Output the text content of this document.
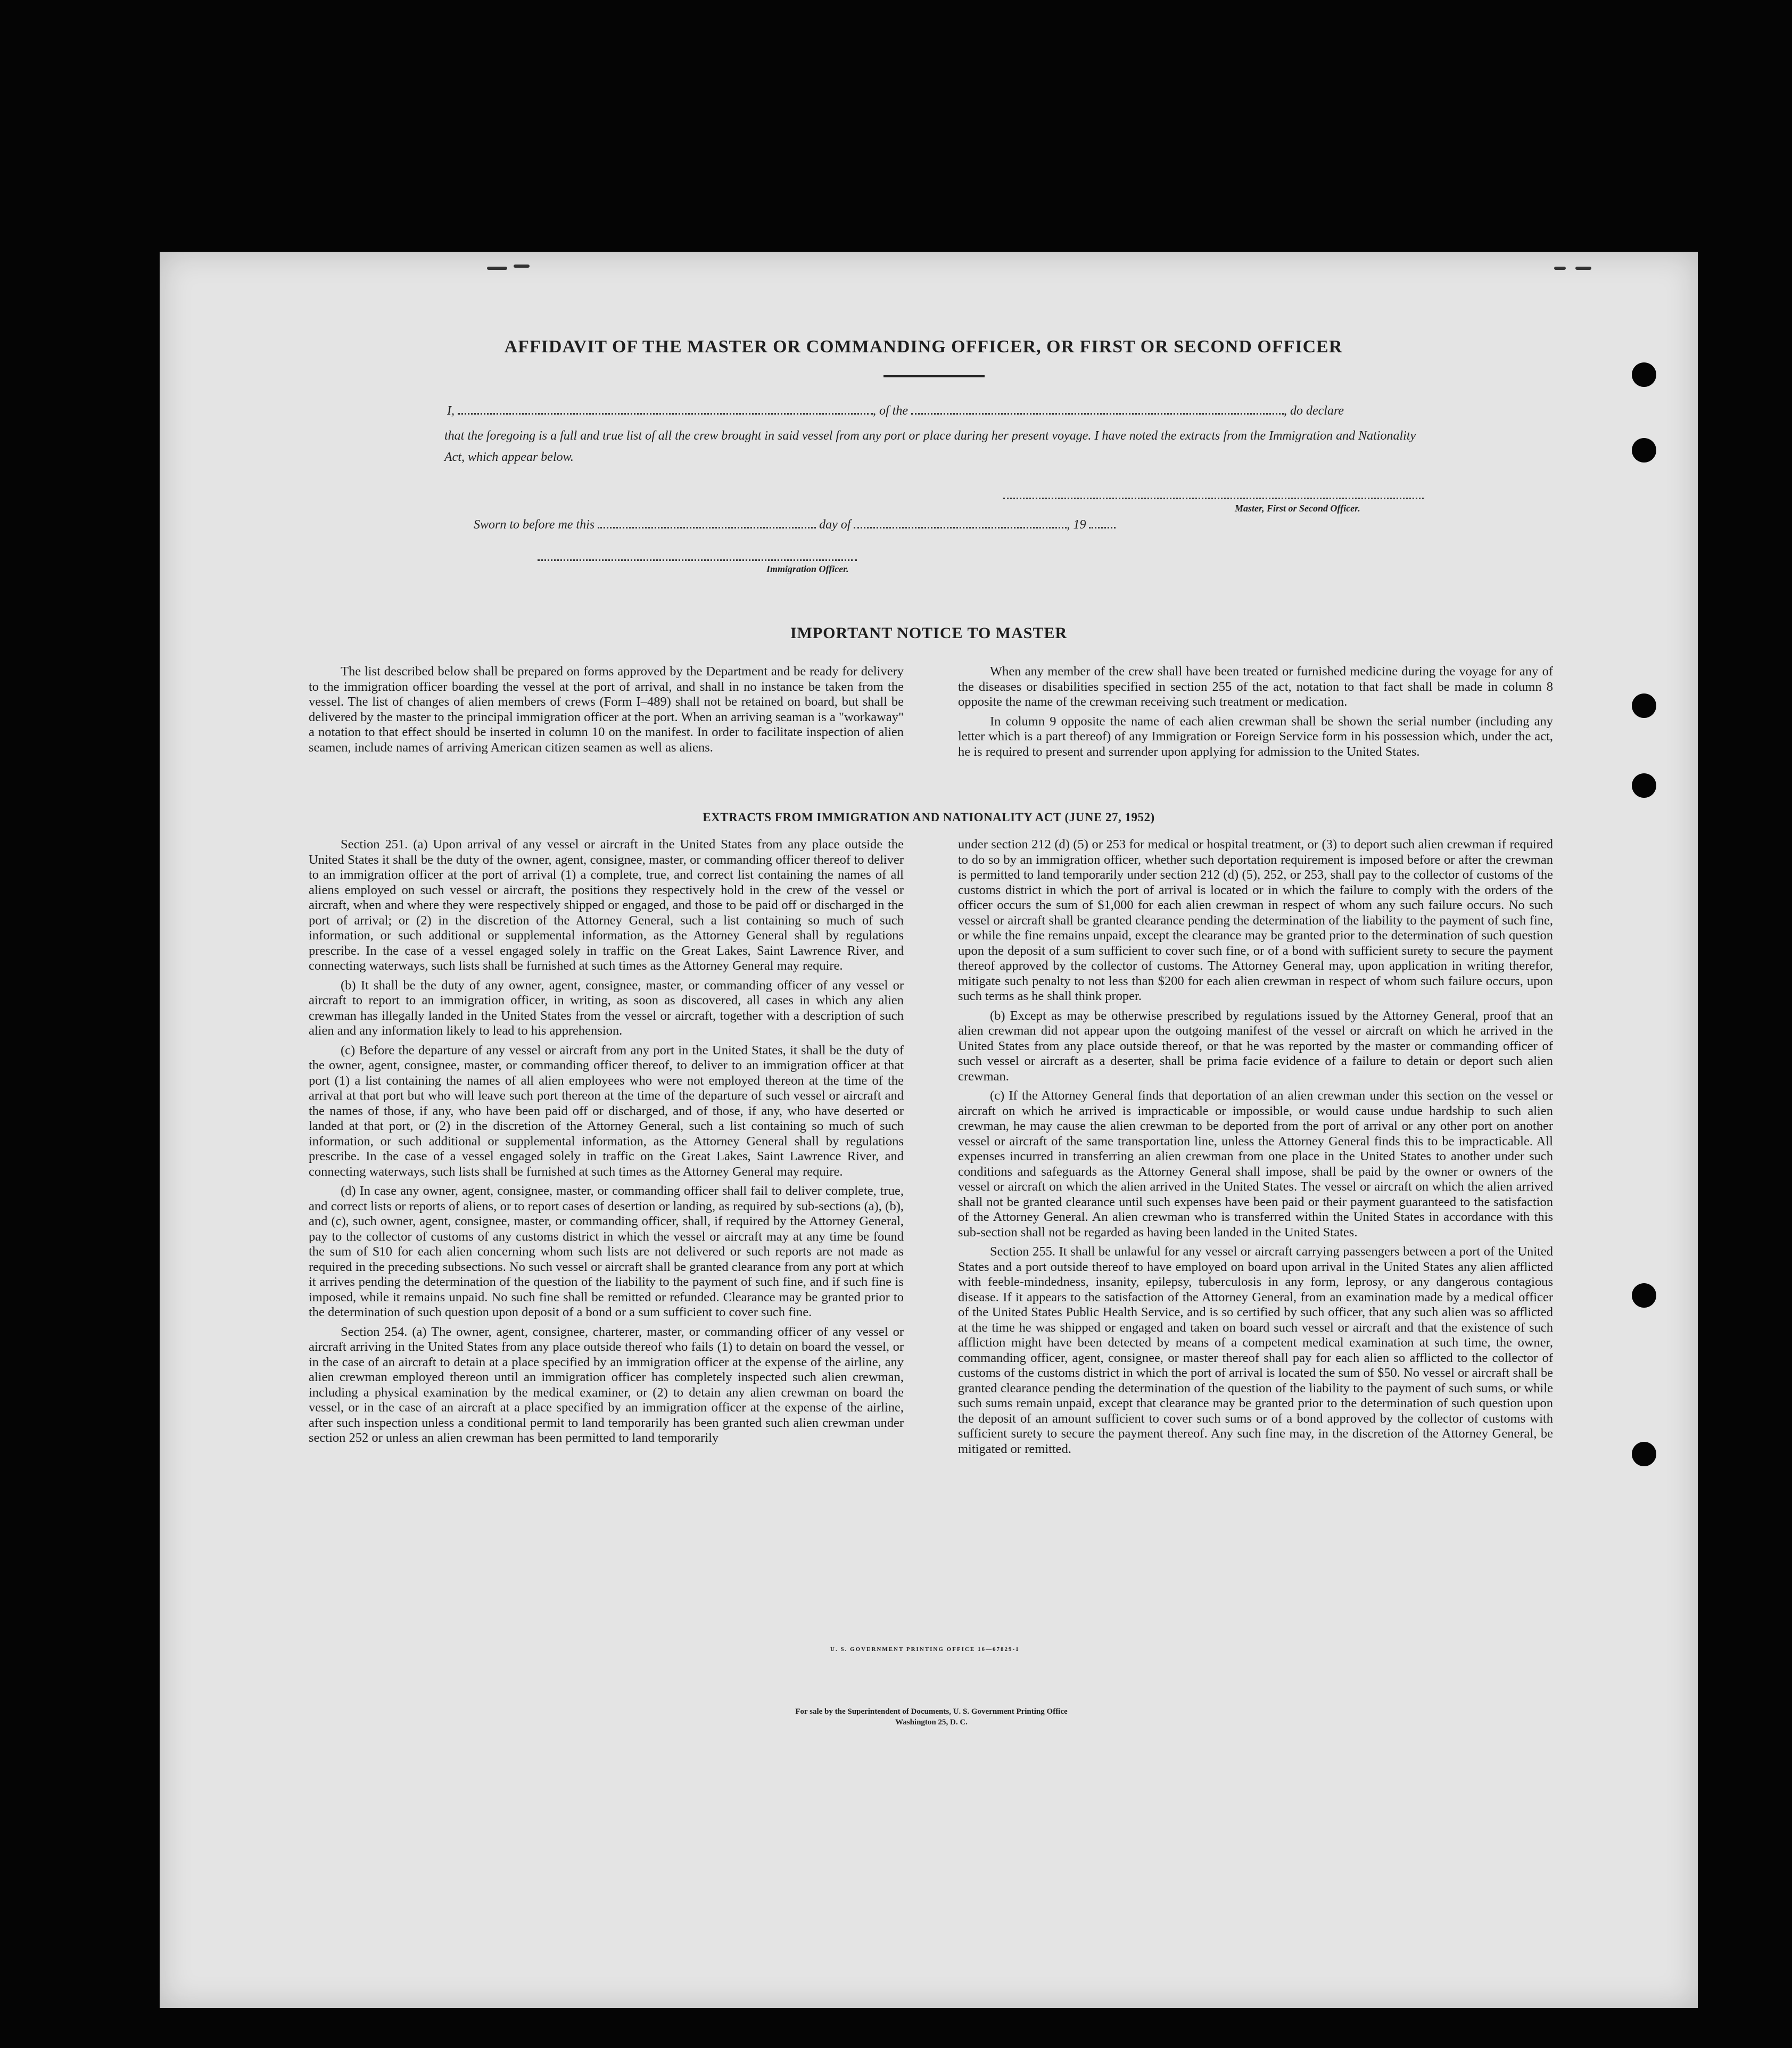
AFFIDAVIT OF THE MASTER OR COMMANDING OFFICER, OR FIRST OR SECOND OFFICER
I,	, of the	, do declare
that the foregoing is a full and true list of all the crew brought in said vessel from any port or place during her present voyage. I have noted the extracts from the Immigration and Nationality Act, which appear below.
Master, First or Second Officer.
Sworn to before me this	day of	, 19
Immigration Officer.
IMPORTANT NOTICE TO MASTER

The list described below shall be prepared on forms approved by the Department and be ready for delivery to the immigration officer boarding the vessel at the port of arrival, and shall in no instance be taken from the vessel. The list of changes of alien members of crews (Form I–489) shall not be retained on board, but shall be delivered by the master to the principal immigration officer at the port. When an arriving seaman is a "workaway" a notation to that effect should be inserted in column 10 on the manifest. In order to facilitate inspection of alien seamen, include names of arriving American citizen seamen as well as aliens.

When any member of the crew shall have been treated or furnished medicine during the voyage for any of the diseases or disabilities specified in section 255 of the act, notation to that fact shall be made in column 8 opposite the name of the crewman receiving such treatment or medication.

In column 9 opposite the name of each alien crewman shall be shown the serial number (including any letter which is a part thereof) of any Immigration or Foreign Service form in his possession which, under the act, he is required to present and surrender upon applying for admission to the United States.

EXTRACTS FROM IMMIGRATION AND NATIONALITY ACT (JUNE 27, 1952)

Section 251. (a) Upon arrival of any vessel or aircraft in the United States from any place outside the United States it shall be the duty of the owner, agent, consignee, master, or commanding officer thereof to deliver to an immigration officer at the port of arrival (1) a complete, true, and correct list containing the names of all aliens employed on such vessel or aircraft, the positions they respectively hold in the crew of the vessel or aircraft, when and where they were respectively shipped or engaged, and those to be paid off or discharged in the port of arrival; or (2) in the discretion of the Attorney General, such a list containing so much of such information, or such additional or supplemental information, as the Attorney General shall by regulations prescribe. In the case of a vessel engaged solely in traffic on the Great Lakes, Saint Lawrence River, and connecting waterways, such lists shall be furnished at such times as the Attorney General may require.

(b) It shall be the duty of any owner, agent, consignee, master, or commanding officer of any vessel or aircraft to report to an immigration officer, in writing, as soon as discovered, all cases in which any alien crewman has illegally landed in the United States from the vessel or aircraft, together with a description of such alien and any information likely to lead to his apprehension.

(c) Before the departure of any vessel or aircraft from any port in the United States, it shall be the duty of the owner, agent, consignee, master, or commanding officer thereof, to deliver to an immigration officer at that port (1) a list containing the names of all alien employees who were not employed thereon at the time of the arrival at that port but who will leave such port thereon at the time of the departure of such vessel or aircraft and the names of those, if any, who have been paid off or discharged, and of those, if any, who have deserted or landed at that port, or (2) in the discretion of the Attorney General, such a list containing so much of such information, or such additional or supplemental information, as the Attorney General shall by regulations prescribe. In the case of a vessel engaged solely in traffic on the Great Lakes, Saint Lawrence River, and connecting waterways, such lists shall be furnished at such times as the Attorney General may require.

(d) In case any owner, agent, consignee, master, or commanding officer shall fail to deliver complete, true, and correct lists or reports of aliens, or to report cases of desertion or landing, as required by sub-sections (a), (b), and (c), such owner, agent, consignee, master, or commanding officer, shall, if required by the Attorney General, pay to the collector of customs of any customs district in which the vessel or aircraft may at any time be found the sum of $10 for each alien concerning whom such lists are not delivered or such reports are not made as required in the preceding subsections. No such vessel or aircraft shall be granted clearance from any port at which it arrives pending the determination of the question of the liability to the payment of such fine, and if such fine is imposed, while it remains unpaid. No such fine shall be remitted or refunded. Clearance may be granted prior to the determination of such question upon deposit of a bond or a sum sufficient to cover such fine.

Section 254. (a) The owner, agent, consignee, charterer, master, or commanding officer of any vessel or aircraft arriving in the United States from any place outside thereof who fails (1) to detain on board the vessel, or in the case of an aircraft to detain at a place specified by an immigration officer at the expense of the airline, any alien crewman employed thereon until an immigration officer has completely inspected such alien crewman, including a physical examination by the medical examiner, or (2) to detain any alien crewman on board the vessel, or in the case of an aircraft at a place specified by an immigration officer at the expense of the airline, after such inspection unless a conditional permit to land temporarily has been granted such alien crewman under section 252 or unless an alien crewman has been permitted to land temporarily

under section 212 (d) (5) or 253 for medical or hospital treatment, or (3) to deport such alien crewman if required to do so by an immigration officer, whether such deportation requirement is imposed before or after the crewman is permitted to land temporarily under section 212 (d) (5), 252, or 253, shall pay to the collector of customs of the customs district in which the port of arrival is located or in which the failure to comply with the orders of the officer occurs the sum of $1,000 for each alien crewman in respect of whom any such failure occurs. No such vessel or aircraft shall be granted clearance pending the determination of the liability to the payment of such fine, or while the fine remains unpaid, except the clearance may be granted prior to the determination of such question upon the deposit of a sum sufficient to cover such fine, or of a bond with sufficient surety to secure the payment thereof approved by the collector of customs. The Attorney General may, upon application in writing therefor, mitigate such penalty to not less than $200 for each alien crewman in respect of whom such failure occurs, upon such terms as he shall think proper.

(b) Except as may be otherwise prescribed by regulations issued by the Attorney General, proof that an alien crewman did not appear upon the outgoing manifest of the vessel or aircraft on which he arrived in the United States from any place outside thereof, or that he was reported by the master or commanding officer of such vessel or aircraft as a deserter, shall be prima facie evidence of a failure to detain or deport such alien crewman.

(c) If the Attorney General finds that deportation of an alien crewman under this section on the vessel or aircraft on which he arrived is impracticable or impossible, or would cause undue hardship to such alien crewman, he may cause the alien crewman to be deported from the port of arrival or any other port on another vessel or aircraft of the same transportation line, unless the Attorney General finds this to be impracticable. All expenses incurred in transferring an alien crewman from one place in the United States to another under such conditions and safeguards as the Attorney General shall impose, shall be paid by the owner or owners of the vessel or aircraft on which the alien arrived in the United States. The vessel or aircraft on which the alien arrived shall not be granted clearance until such expenses have been paid or their payment guaranteed to the satisfaction of the Attorney General. An alien crewman who is transferred within the United States in accordance with this sub-section shall not be regarded as having been landed in the United States.

Section 255. It shall be unlawful for any vessel or aircraft carrying passengers between a port of the United States and a port outside thereof to have employed on board upon arrival in the United States any alien afflicted with feeble-mindedness, insanity, epilepsy, tuberculosis in any form, leprosy, or any dangerous contagious disease. If it appears to the satisfaction of the Attorney General, from an examination made by a medical officer of the United States Public Health Service, and is so certified by such officer, that any such alien was so afflicted at the time he was shipped or engaged and taken on board such vessel or aircraft and that the existence of such affliction might have been detected by means of a competent medical examination at such time, the owner, commanding officer, agent, consignee, or master thereof shall pay for each alien so afflicted to the collector of customs of the customs district in which the port of arrival is located the sum of $50. No vessel or aircraft shall be granted clearance pending the determination of the question of the liability to the payment of such sums, or while such sums remain unpaid, except that clearance may be granted prior to the determination of such question upon the deposit of an amount sufficient to cover such sums or of a bond approved by the collector of customs with sufficient surety to secure the payment thereof. Any such fine may, in the discretion of the Attorney General, be mitigated or remitted.

U. S. GOVERNMENT PRINTING OFFICE 16—67829-1
For sale by the Superintendent of Documents, U. S. Government Printing Office
Washington 25, D. C.
